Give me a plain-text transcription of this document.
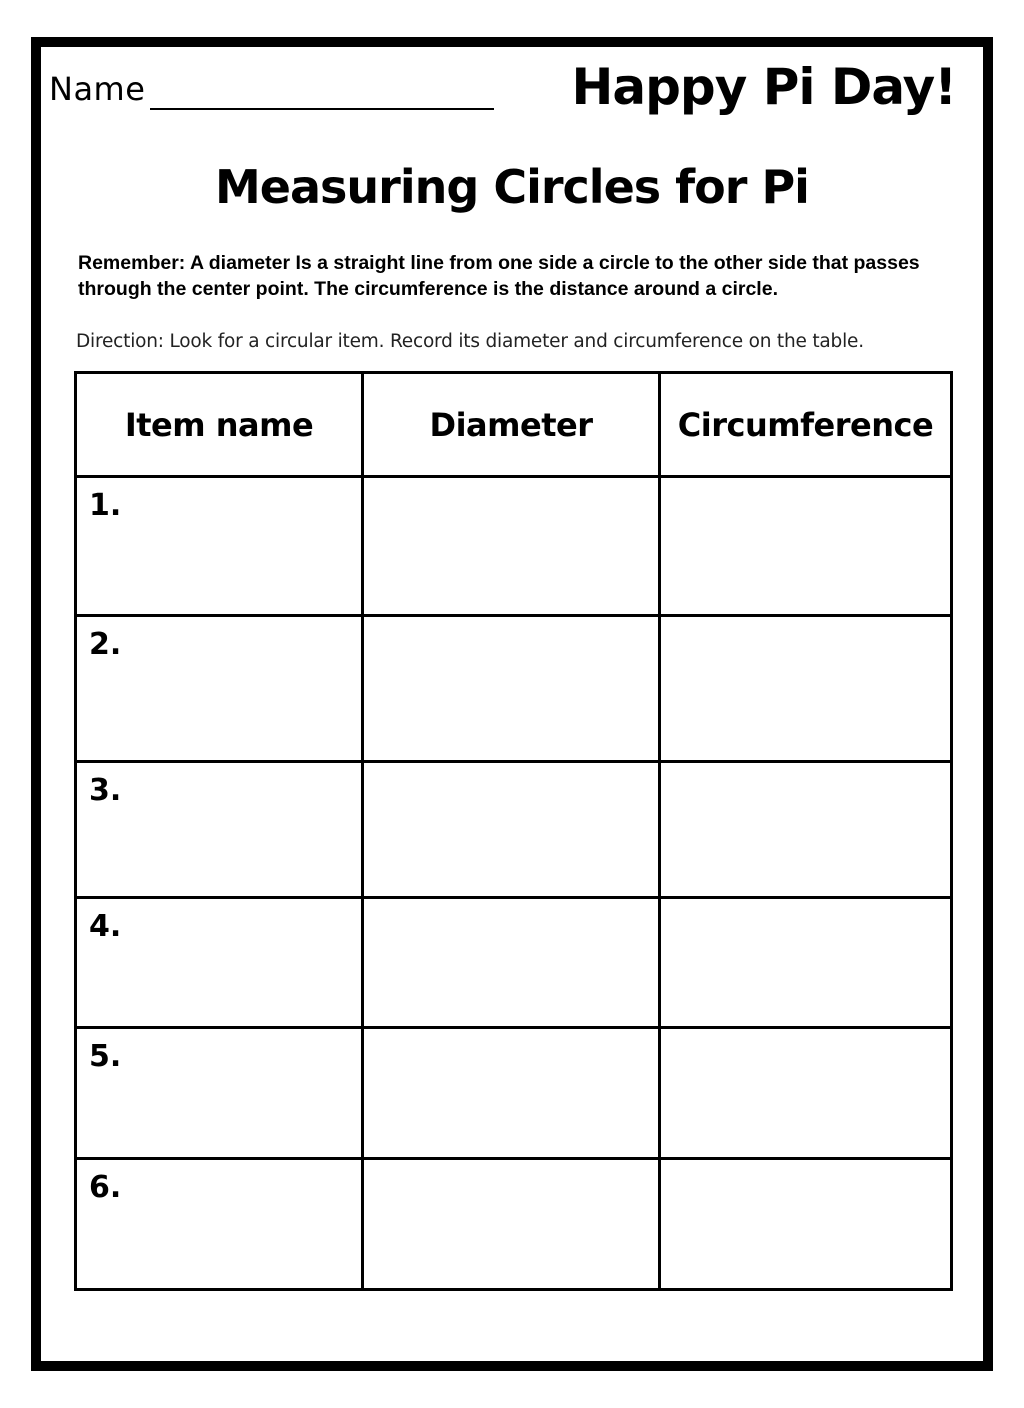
Name	Happy Pi Day!
Measuring Circles for Pi
Remember: A diameter Is a straight line from one side a circle to the other side that passes through the center point. The circumference is the distance around a circle.
Direction: Look for a circular item. Record its diameter and circumference on the table.
Item name	Diameter	Circumference

1.		

2.		

3.		

4.		

5.		

6.		
